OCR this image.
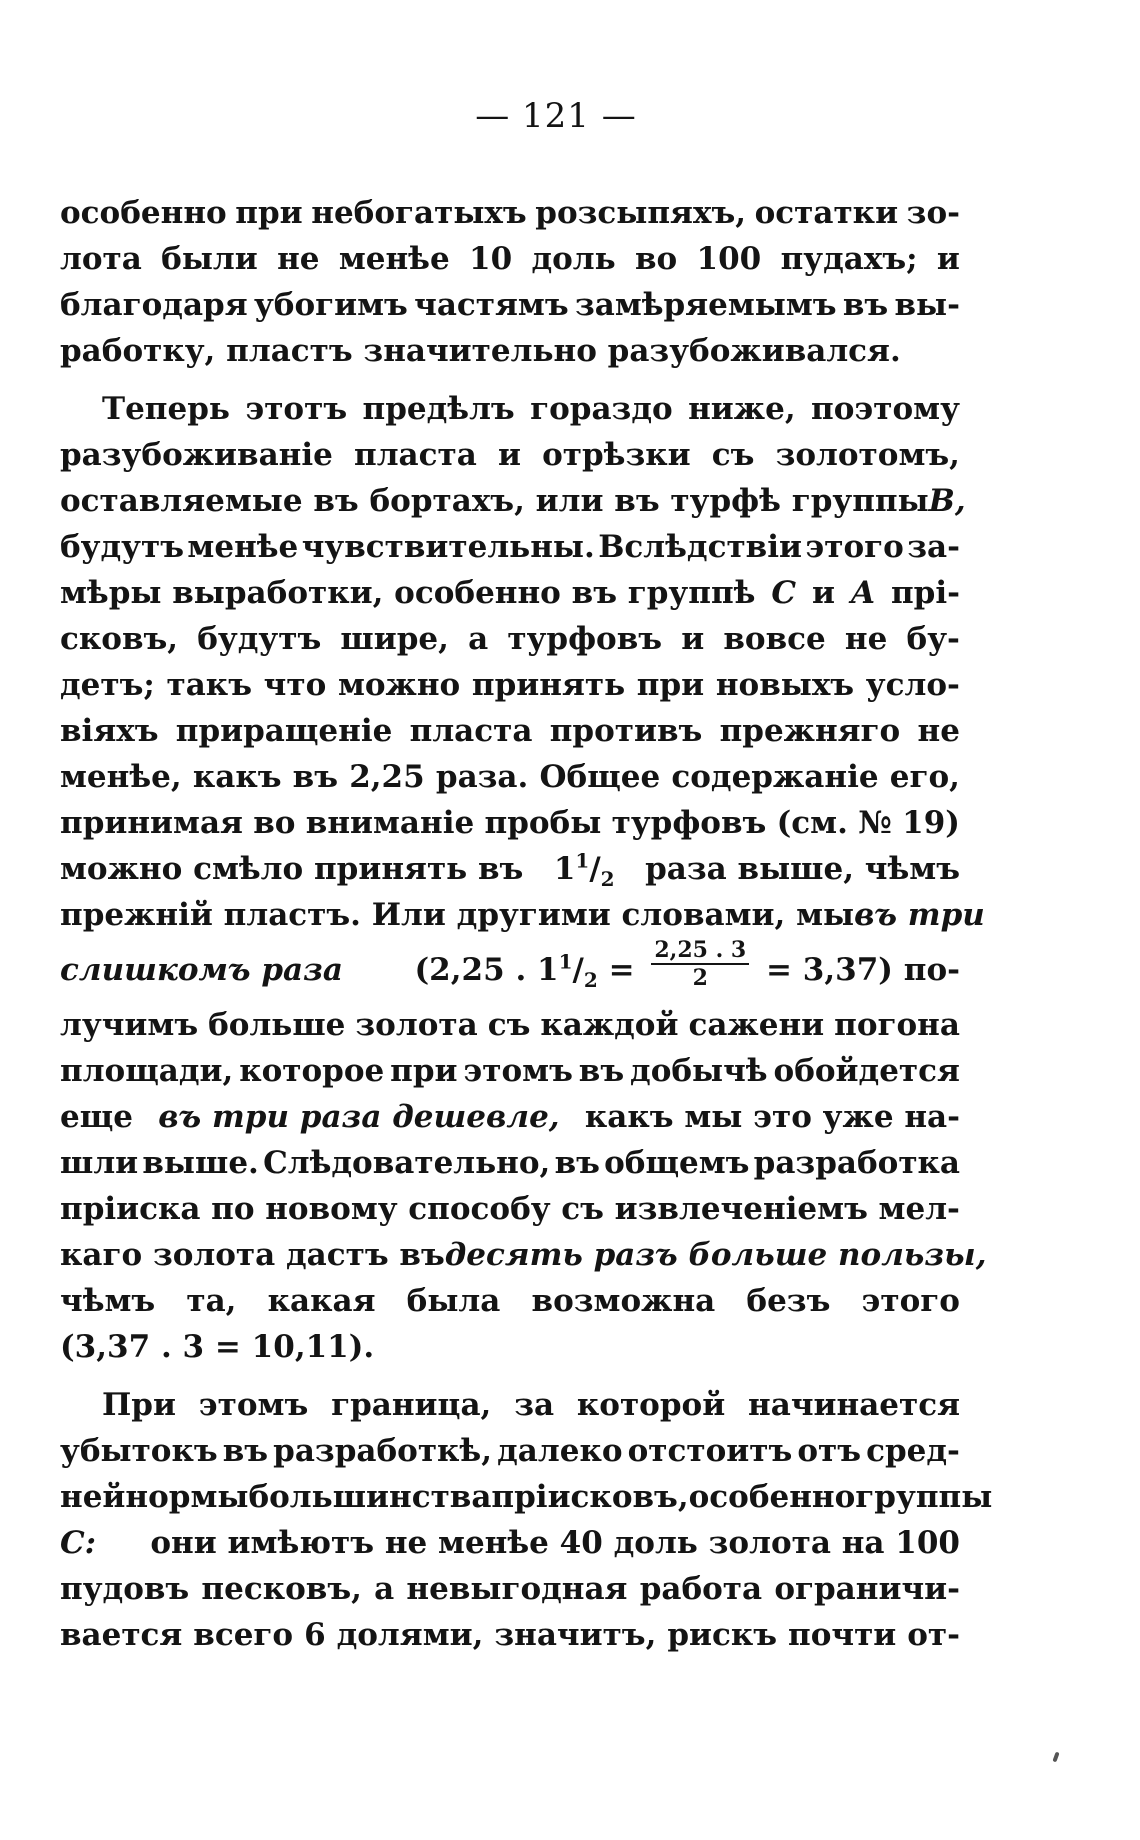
— 121 —
особенно при небогатыхъ розсыпяхъ, остатки зо-
лота были не менѣе 10 доль во 100 пудахъ; и
благодаря убогимъ частямъ замѣряемымъ въ вы-
работку, пластъ значительно разубоживался.
Теперь этотъ предѣлъ гораздо ниже, поэтому
разубоживаніе пласта и отрѣзки съ золотомъ,
оставляемые въ бортахъ, или въ турфѣ группы B,
будутъ менѣе чувствительны. Вслѣдствіи этого за-
мѣры выработки, особенно въ группѣ C и A прі-
сковъ, будутъ шире, а турфовъ и вовсе не бу-
детъ; такъ что можно принять при новыхъ усло-
віяхъ приращеніе пласта противъ прежняго не
менѣе, какъ въ 2,25 раза. Общее содержаніе его,
принимая во вниманіе пробы турфовъ (см. № 19)
можно смѣло принять въ $1^1/_2$ раза выше, чѣмъ
прежній пластъ. Или другими словами, мы въ три
слишкомъ раза (2,25 . $1^1/_2 = \frac{2,25 . 3}{2} = 3,37$) по-
лучимъ больше золота съ каждой сажени погона
площади, которое при этомъ въ добычѣ обойдется
еще въ три раза дешевле, какъ мы это уже на-
шли выше. Слѣдовательно, въ общемъ разработка
пріиска по новому способу съ извлеченіемъ мел-
каго золота дастъ въ десять разъ больше пользы,
чѣмъ та, какая была возможна безъ этого
(3,37 . 3 = 10,11).
При этомъ граница, за которой начинается
убытокъ въ разработкѣ, далеко отстоитъ отъ сред-
ней нормы большинства пріисковъ, особенно группы
C: они имѣютъ не менѣе 40 доль золота на 100
пудовъ песковъ, а невыгодная работа ограничи-
вается всего 6 долями, значитъ, рискъ почти от-
